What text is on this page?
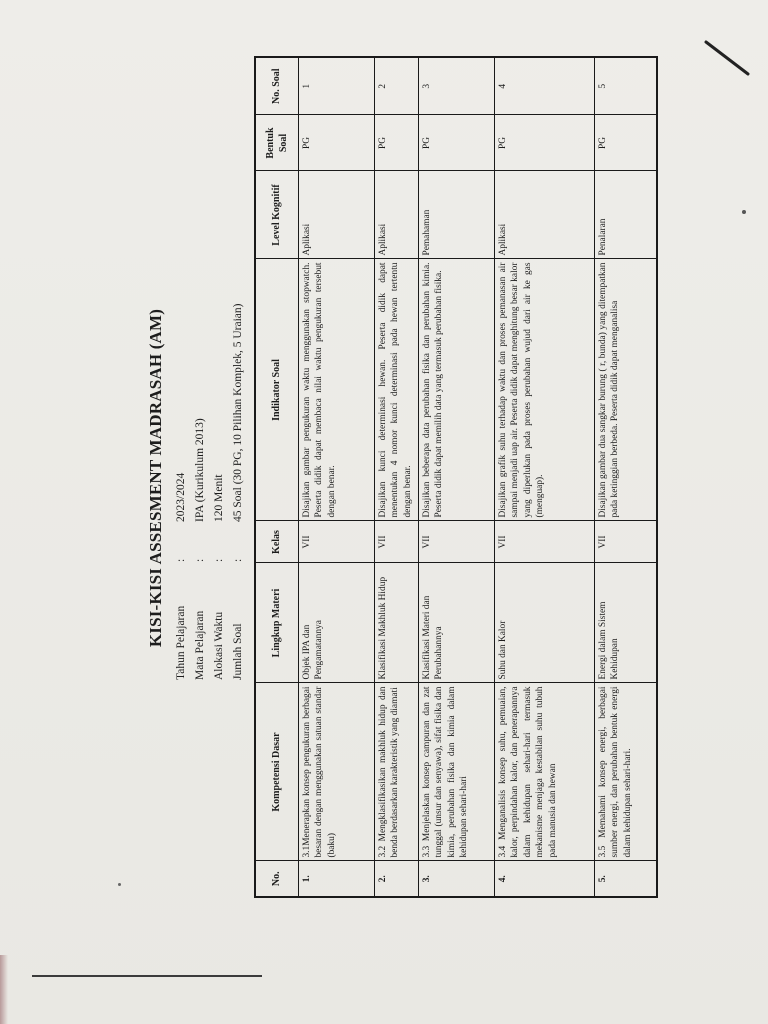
KISI-KISI ASSESMENT MADRASAH (AM) Tahun Pelajaran	:	2023/2024
Mata Pelajaran	:	IPA (Kurikulum 2013)
Alokasi Waktu	:	120 Menit
Jumlah Soal	:	45 Soal (30 PG, 10 Pilihan Komplek, 5 Uraian)
No.	Kompetensi Dasar	Lingkup Materi	Kelas	Indikator Soal	Level Kognitif	Bentuk Soal	No. Soal
1.	3.1Menerapkan konsep pengukuran berbagai besaran dengan menggunakan satuan standar (baku)	Objek IPA dan Pengamatannya	VII	Disajikan gambar pengukuran waktu menggunakan stopwatch. Peserta didik dapat membaca nilai waktu pengukuran tersebut dengan benar.	Aplikasi	PG	1
2.	3.2 Mengklasifikasikan makhluk hidup dan benda berdasarkan karakteristik yang diamati	Klasifikasi Makhluk Hidup	VII	Disajikan kunci determinasi hewan. Peserta didik dapat menentukan 4 nomor kunci determinasi pada hewan tertentu dengan benar.	Aplikasi	PG	2
3.	3.3 Menjelaskan konsep campuran dan zat tunggal (unsur dan senyawa), sifat fisika dan kimia, perubahan fisika dan kimia dalam kehidupan sehari-hari	Klasifikasi Materi dan Perubahannya	VII	Disajikan beberapa data perubahan fisika dan perubahan kimia. Peserta didik dapat memilih data yang termasuk perubahan fisika.	Pemahaman	PG	3
4.	3.4 Menganalisis konsep suhu, pemuaian, kalor, perpindahan kalor, dan penerapannya dalam kehidupan sehari-hari termasuk mekanisme menjaga kestabilan suhu tubuh pada manusia dan hewan	Suhu dan Kalor	VII	Disajikan grafik suhu terhadap waktu dan proses pemanasan air sampai menjadi uap air. Peserta didik dapat menghitung besar kalor yang diperlukan pada proses perubahan wujud dari air ke gas (menguap).	Aplikasi	PG	4
5.	3.5 Memahami konsep energi, berbagai sumber energi, dan perubahan bentuk energi dalam kehidupan sehari-hari.	Energi dalam Sistem Kehidupan	VII	Disajikan gambar dua sangkar burung ( r, bunda) yang ditempatkan pada ketinggian berbeda. Peserta didik dapat menganalisa	Penalaran	PG	5
